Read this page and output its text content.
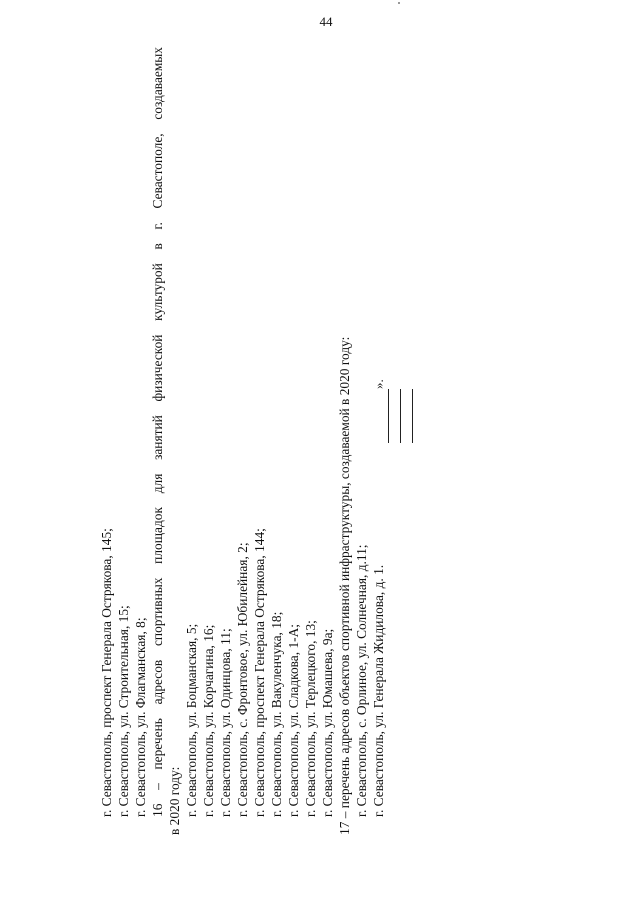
44
г. Севастополь, проспект Генерала Острякова, 145; г. Севастополь, ул. Строительная, 15; г. Севастополь, ул. Флагманская, 8; 16 – перечень адресов спортивных площадок для занятий физической культурой в г. Севастополе, создаваемых в 2020 году: г. Севастополь, ул. Боцманская, 5; г. Севастополь, ул. Корчагина, 16; г. Севастополь, ул. Одинцова, 11; г. Севастополь, с. Фронтовое, ул. Юбилейная, 2; г. Севастополь, проспект Генерала Острякова, 144; г. Севастополь, ул. Вакуленчука, 18; г. Севастополь, ул. Сладкова, 1-А; г. Севастополь, ул. Терлецкого, 13; г. Севастополь, ул. Юмашева, 9а; 17 – перечень адресов объектов спортивной инфраструктуры, создаваемой в 2020 году: г. Севастополь, с. Орлиное, ул. Солнечная, д.11; г. Севастополь, ул. Генерала Жидилова, д. 1.
».
